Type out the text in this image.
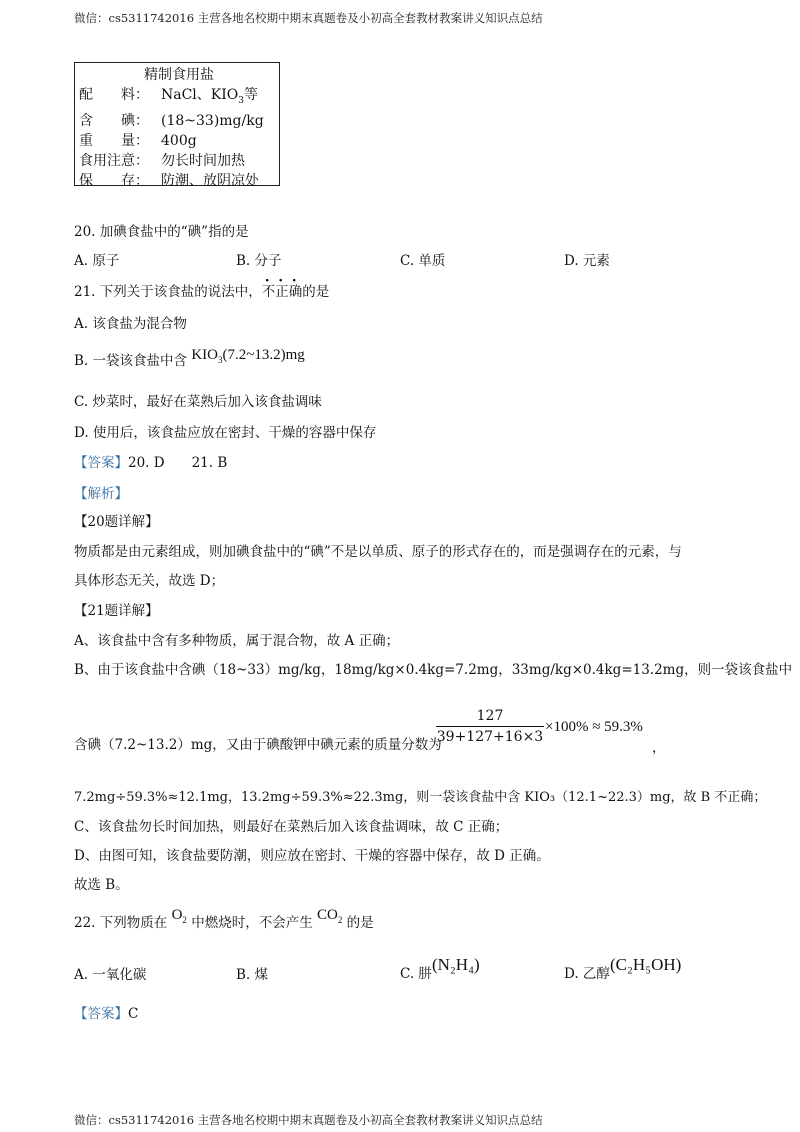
微信：cs5311742016 主营各地名校期中期末真题卷及小初高全套教材教案讲义知识点总结
精制食用盐
配　　料： NaCl、$KIO_3$等
含　　碘： (18~33)mg/kg
重　　量： 400g
食用注意： 勿长时间加热
保　　存： 防潮、放阴凉处
20. 加碘食盐中的“碘”指的是
A. 原子	B. 分子	C. 单质	D. 元素
21. 下列关于该食盐的说法中，不正确的是
A. 该食盐为混合物
B. 一袋该食盐中含 $KIO_3(7.2\sim 13.2)mg$
C. 炒菜时，最好在菜熟后加入该食盐调味
D. 使用后，该食盐应放在密封、干燥的容器中保存
【答案】20. D　　21. B
【解析】
【20题详解】
物质都是由元素组成，则加碘食盐中的“碘”不是以单质、原子的形式存在的，而是强调存在的元素，与
具体形态无关，故选 D；
【21题详解】
A、该食盐中含有多种物质，属于混合物，故 A 正确；
B、由于该食盐中含碘（18~33）mg/kg，18mg/kg×0.4kg=7.2mg，33mg/kg×0.4kg=13.2mg，则一袋该食盐中
含碘（7.2~13.2）mg，又由于碘酸钾中碘元素的质量分数为
$\frac{127}{39+127+16\times 3} \times 100\% \approx 59.3\%$
，
7.2mg÷59.3%≈12.1mg，13.2mg÷59.3%≈22.3mg，则一袋该食盐中含 KIO₃（12.1~22.3）mg，故 B 不正确；
C、该食盐勿长时间加热，则最好在菜熟后加入该食盐调味，故 C 正确；
D、由图可知，该食盐要防潮，则应放在密封、干燥的容器中保存，故 D 正确。
故选 B。
22. 下列物质在 $O_2$ 中燃烧时，不会产生 $CO_2$ 的是
A. 一氧化碳	B. 煤	C. 肼(N₂H₄)	D. 乙醇(C₂H₅OH)
【答案】C
微信：cs5311742016 主营各地名校期中期末真题卷及小初高全套教材教案讲义知识点总结
